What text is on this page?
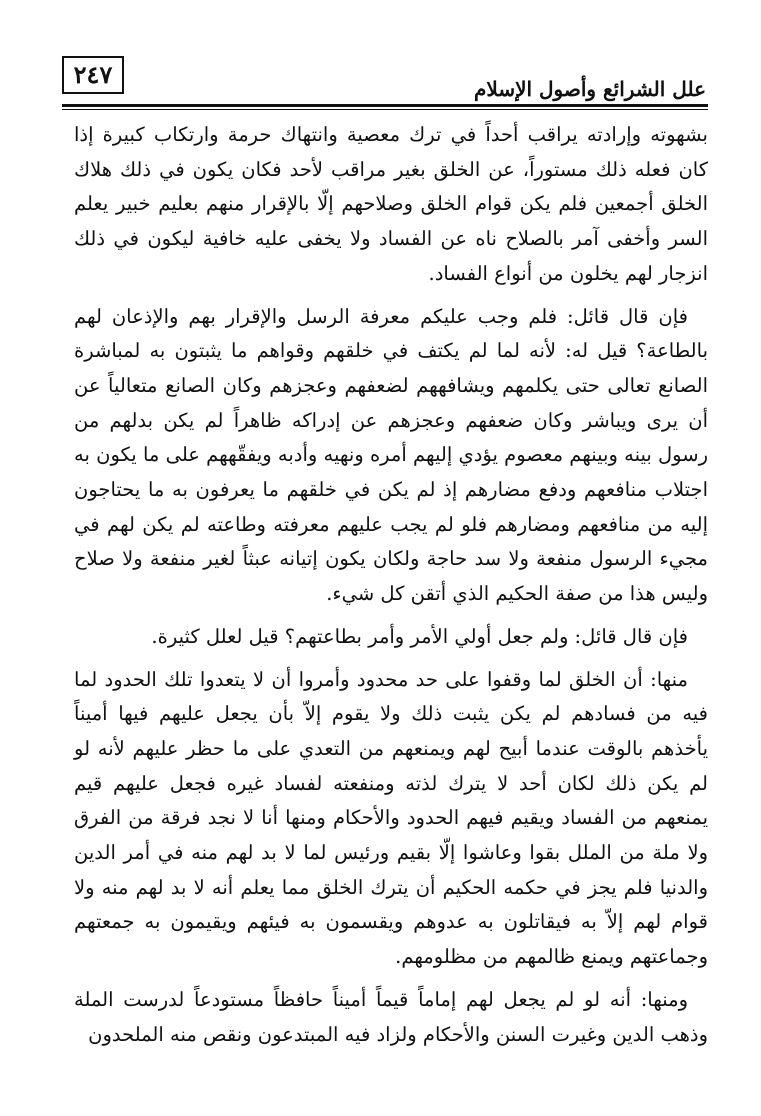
علل الشرائع وأصول الإسلام
٢٤٧

بشهوته وإرادته يراقب أحداً في ترك معصية وانتهاك حرمة وارتكاب كبيرة إذا كان فعله ذلك مستوراً، عن الخلق بغير مراقب لأحد فكان يكون في ذلك هلاك الخلق أجمعين فلم يكن قوام الخلق وصلاحهم إلّا بالإقرار منهم بعليم خبير يعلم السر وأخفى آمر بالصلاح ناه عن الفساد ولا يخفى عليه خافية ليكون في ذلك انزجار لهم يخلون من أنواع الفساد.

فإن قال قائل: فلم وجب عليكم معرفة الرسل والإقرار بهم والإذعان لهم بالطاعة؟ قيل له: لأنه لما لم يكتف في خلقهم وقواهم ما يثبتون به لمباشرة الصانع تعالى حتى يكلمهم ويشافههم لضعفهم وعجزهم وكان الصانع متعالياً عن أن يرى ويباشر وكان ضعفهم وعجزهم عن إدراكه ظاهراً لم يكن بدلهم من رسول بينه وبينهم معصوم يؤدي إليهم أمره ونهيه وأدبه ويفقّههم على ما يكون به اجتلاب منافعهم ودفع مضارهم إذ لم يكن في خلقهم ما يعرفون به ما يحتاجون إليه من منافعهم ومضارهم فلو لم يجب عليهم معرفته وطاعته لم يكن لهم في مجيء الرسول منفعة ولا سد حاجة ولكان يكون إتيانه عبثاً لغير منفعة ولا صلاح وليس هذا من صفة الحكيم الذي أتقن كل شيء.

فإن قال قائل: ولم جعل أولي الأمر وأمر بطاعتهم؟ قيل لعلل كثيرة.

منها: أن الخلق لما وقفوا على حد محدود وأمروا أن لا يتعدوا تلك الحدود لما فيه من فسادهم لم يكن يثبت ذلك ولا يقوم إلاّ بأن يجعل عليهم فيها أميناً يأخذهم بالوقت عندما أبيح لهم ويمنعهم من التعدي على ما حظر عليهم لأنه لو لم يكن ذلك لكان أحد لا يترك لذته ومنفعته لفساد غيره فجعل عليهم قيم يمنعهم من الفساد ويقيم فيهم الحدود والأحكام ومنها أنا لا نجد فرقة من الفرق ولا ملة من الملل بقوا وعاشوا إلّا بقيم ورئيس لما لا بد لهم منه في أمر الدين والدنيا فلم يجز في حكمه الحكيم أن يترك الخلق مما يعلم أنه لا بد لهم منه ولا قوام لهم إلاّ به فيقاتلون به عدوهم ويقسمون به فيئهم ويقيمون به جمعتهم وجماعتهم ويمنع ظالمهم من مظلومهم.

ومنها: أنه لو لم يجعل لهم إماماً قيماً أميناً حافظاً مستودعاً لدرست الملة وذهب الدين وغيرت السنن والأحكام ولزاد فيه المبتدعون ونقص منه الملحدون
